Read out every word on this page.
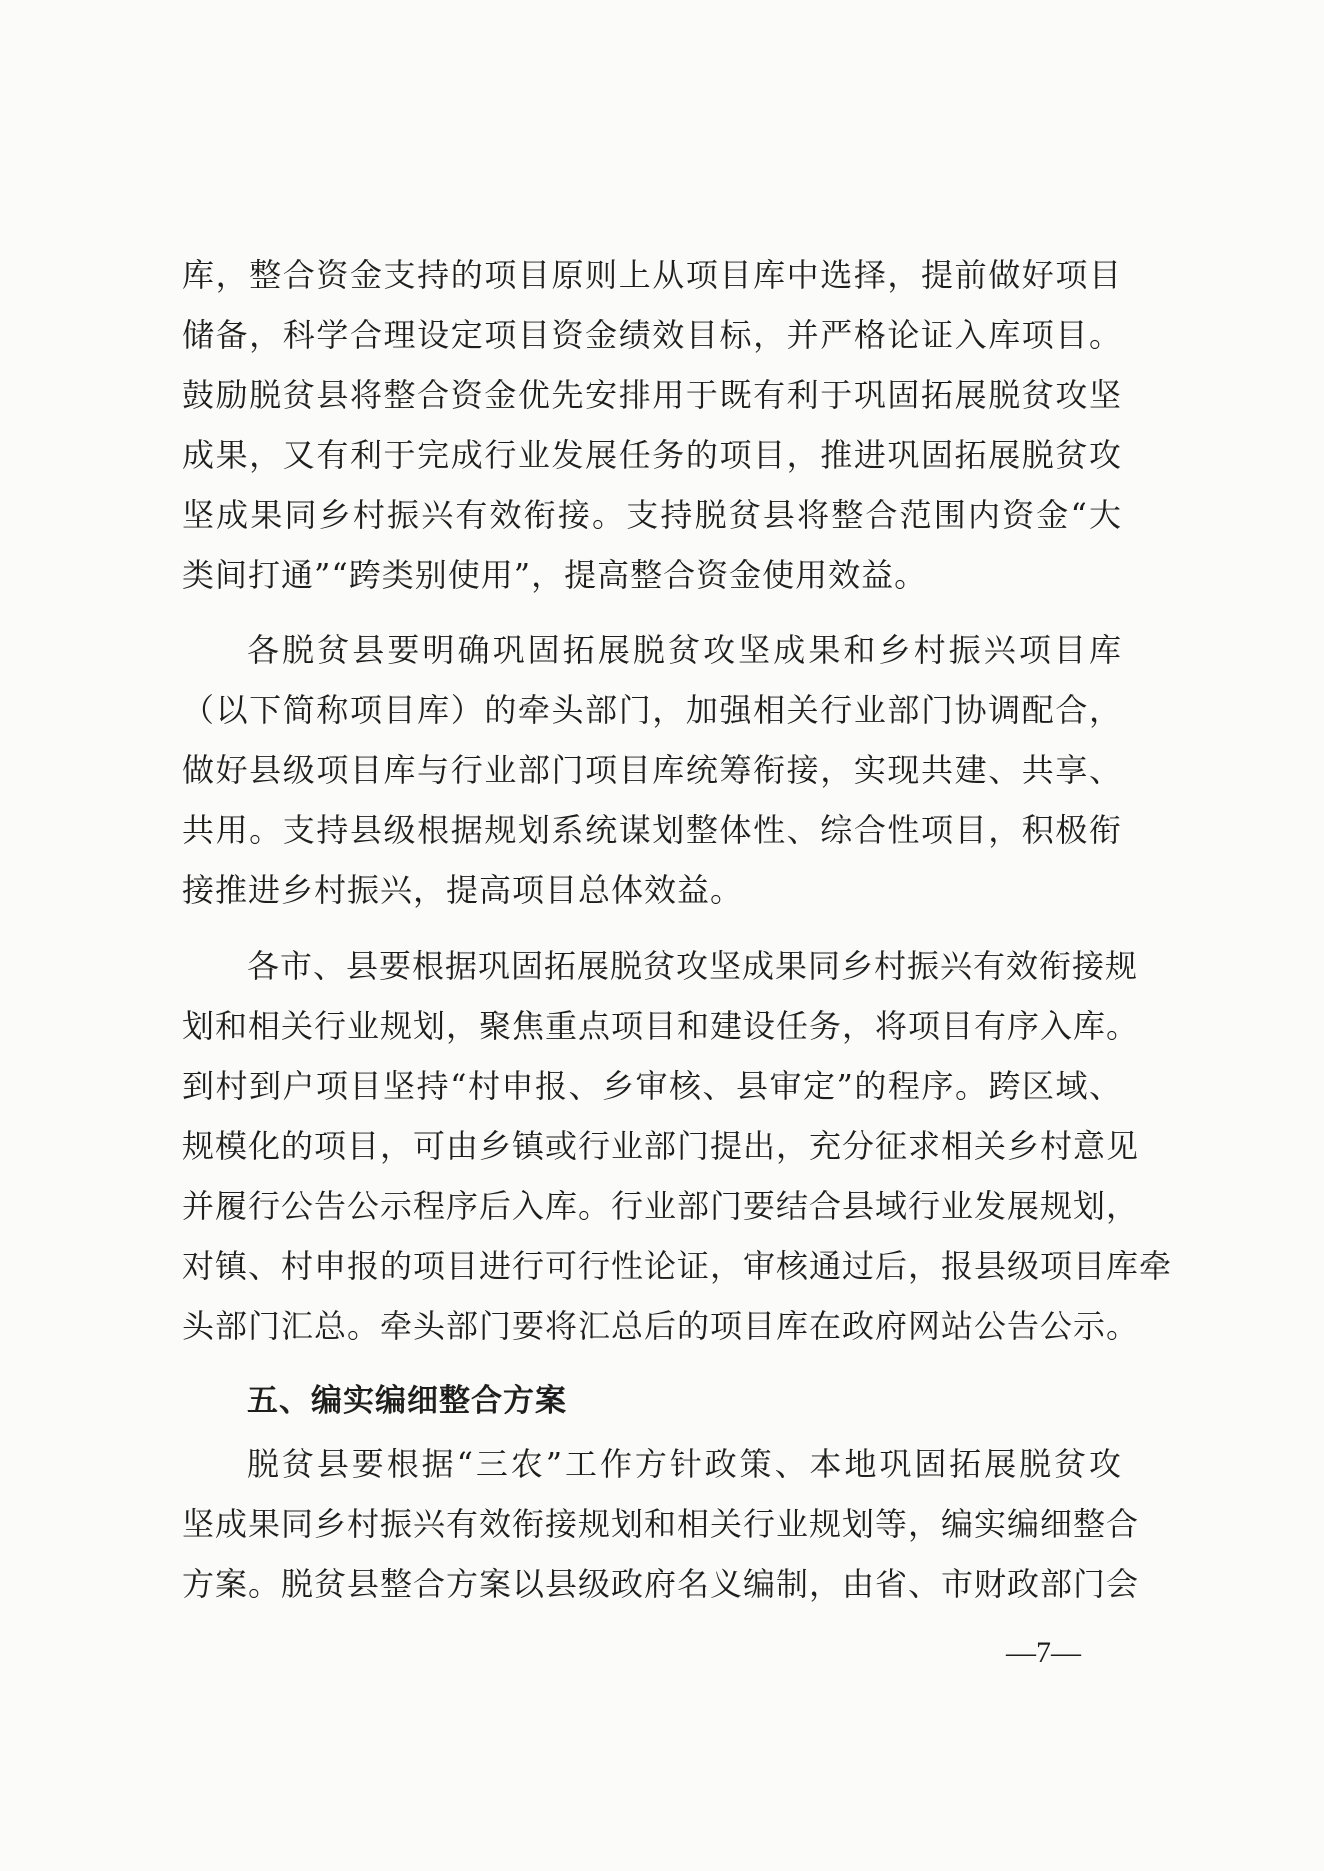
库，整合资金支持的项目原则上从项目库中选择，提前做好项目
储备，科学合理设定项目资金绩效目标，并严格论证入库项目。
鼓励脱贫县将整合资金优先安排用于既有利于巩固拓展脱贫攻坚
成果，又有利于完成行业发展任务的项目，推进巩固拓展脱贫攻
坚成果同乡村振兴有效衔接。支持脱贫县将整合范围内资金“大
类间打通”“跨类别使用”，提高整合资金使用效益。
各脱贫县要明确巩固拓展脱贫攻坚成果和乡村振兴项目库
（以下简称项目库）的牵头部门，加强相关行业部门协调配合，
做好县级项目库与行业部门项目库统筹衔接，实现共建、共享、
共用。支持县级根据规划系统谋划整体性、综合性项目，积极衔
接推进乡村振兴，提高项目总体效益。
各市、县要根据巩固拓展脱贫攻坚成果同乡村振兴有效衔接规
划和相关行业规划，聚焦重点项目和建设任务，将项目有序入库。
到村到户项目坚持“村申报、乡审核、县审定”的程序。跨区域、
规模化的项目，可由乡镇或行业部门提出，充分征求相关乡村意见
并履行公告公示程序后入库。行业部门要结合县域行业发展规划，
对镇、村申报的项目进行可行性论证，审核通过后，报县级项目库牵
头部门汇总。牵头部门要将汇总后的项目库在政府网站公告公示。
五、编实编细整合方案
脱贫县要根据“三农”工作方针政策、本地巩固拓展脱贫攻
坚成果同乡村振兴有效衔接规划和相关行业规划等，编实编细整合
方案。脱贫县整合方案以县级政府名义编制，由省、市财政部门会
—7—
